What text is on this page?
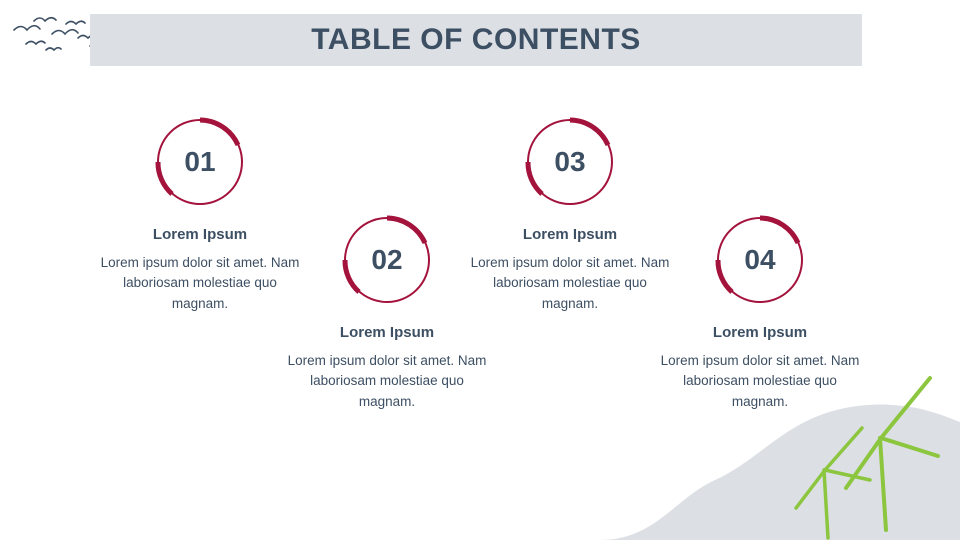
TABLE OF CONTENTS
01
Lorem Ipsum
Lorem ipsum dolor sit amet. Nam laboriosam molestiae quo magnam.
02
Lorem Ipsum
Lorem ipsum dolor sit amet. Nam laboriosam molestiae quo magnam.
03
Lorem Ipsum
Lorem ipsum dolor sit amet. Nam laboriosam molestiae quo magnam.
04
Lorem Ipsum
Lorem ipsum dolor sit amet. Nam laboriosam molestiae quo magnam.
